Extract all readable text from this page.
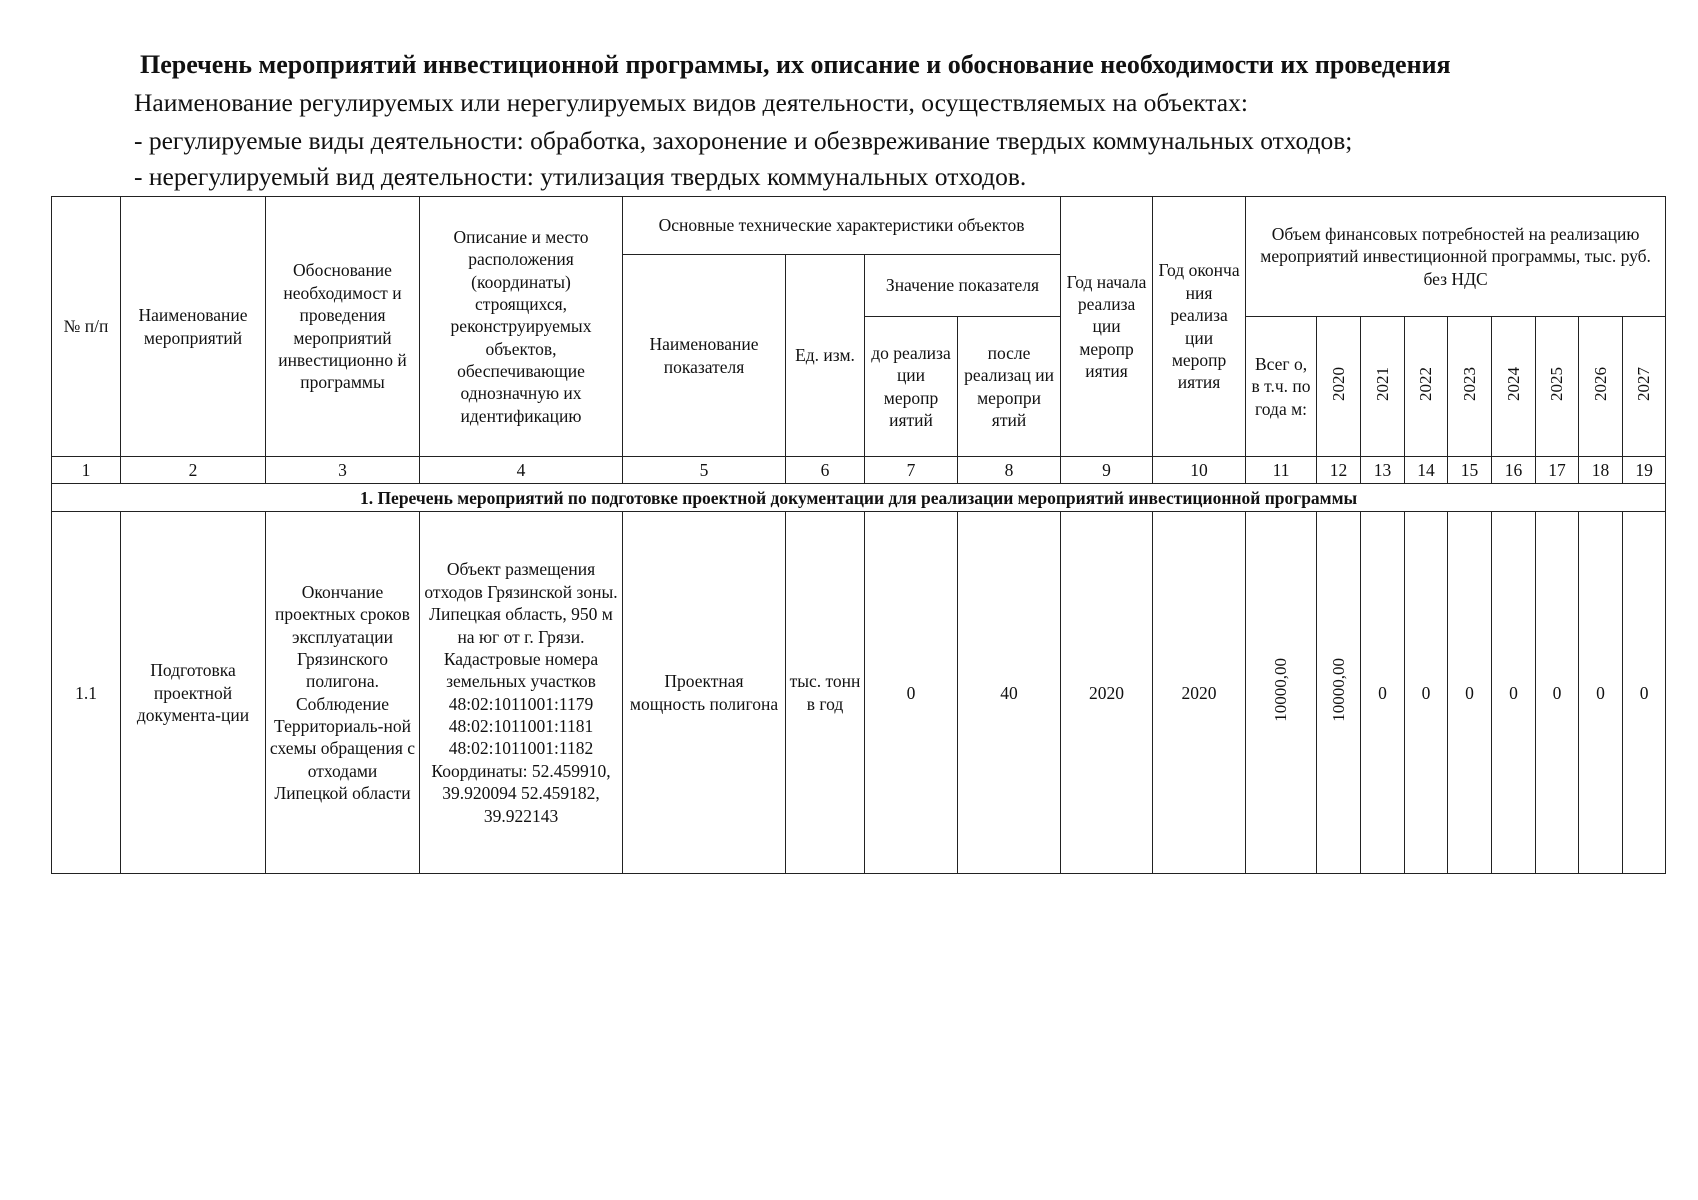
Перечень мероприятий инвестиционной программы, их описание и обоснование необходимости их проведения
Наименование регулируемых или нерегулируемых видов деятельности, осуществляемых на объектах:
- регулируемые виды деятельности: обработка, захоронение и обезвреживание твердых коммунальных отходов;
- нерегулируемый вид деятельности: утилизация твердых коммунальных отходов.
№ п/п	Наименование мероприятий	Обоснование необходимост и проведения мероприятий инвестиционно й программы	Описание и место расположения (координаты) строящихся, реконструируемых объектов, обеспечивающие однозначную их идентификацию	Основные технические характеристики объектов				Год начала реализа ции меропр иятия	Год оконча ния реализа ции меропр иятия	Объем финансовых потребностей на реализацию мероприятий инвестиционной программы, тыс. руб. без НДС								
				Наименование показателя	Ед. изм.	Значение показателя												
						до реализа ции меропр иятий	после реализац ии меропри ятий			Всег о, в т.ч. по года м:	2020	2021	2022	2023	2024	2025	2026	2027
1	2	3	4	5	6	7	8	9	10	11	12	13	14	15	16	17	18	19
1. Перечень мероприятий по подготовке проектной документации для реализации мероприятий инвестиционной программы																		
1.1	Подготовка проектной документа-ции	Окончание проектных сроков эксплуатации Грязинского полигона. Соблюдение Территориаль-ной схемы обращения с отходами Липецкой области	Объект размещения отходов Грязинской зоны. Липецкая область, 950 м на юг от г. Грязи. Кадастровые номера земельных участков 48:02:1011001:1179 48:02:1011001:1181 48:02:1011001:1182 Координаты: 52.459910, 39.920094 52.459182, 39.922143	Проектная мощность полигона	тыс. тонн в год	0	40	2020	2020	10000,00	10000,00	0	0	0	0	0	0	0
